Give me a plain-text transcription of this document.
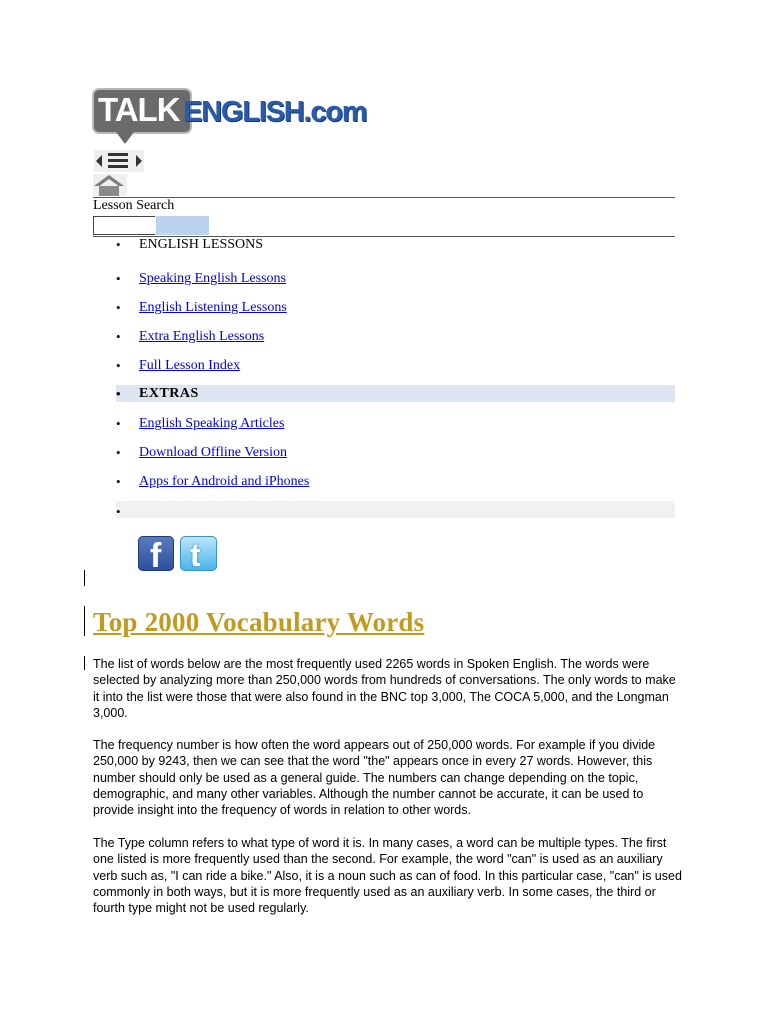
TALK ENGLISH.com
Lesson Search
• ENGLISH LESSONS
• Speaking English Lessons
• English Listening Lessons
• Extra English Lessons
• Full Lesson Index
• EXTRAS
• English Speaking Articles
• Download Offline Version
• Apps for Android and iPhones
•
f t
Top 2000 Vocabulary Words
The list of words below are the most frequently used 2265 words in Spoken English. The words were selected by analyzing more than 250,000 words from hundreds of conversations. The only words to make it into the list were those that were also found in the BNC top 3,000, The COCA 5,000, and the Longman 3,000.
The frequency number is how often the word appears out of 250,000 words. For example if you divide 250,000 by 9243, then we can see that the word "the" appears once in every 27 words. However, this number should only be used as a general guide. The numbers can change depending on the topic, demographic, and many other variables. Although the number cannot be accurate, it can be used to provide insight into the frequency of words in relation to other words.
The Type column refers to what type of word it is. In many cases, a word can be multiple types. The first one listed is more frequently used than the second. For example, the word "can" is used as an auxiliary verb such as, "I can ride a bike." Also, it is a noun such as can of food. In this particular case, "can" is used commonly in both ways, but it is more frequently used as an auxiliary verb. In some cases, the third or fourth type might not be used regularly.
